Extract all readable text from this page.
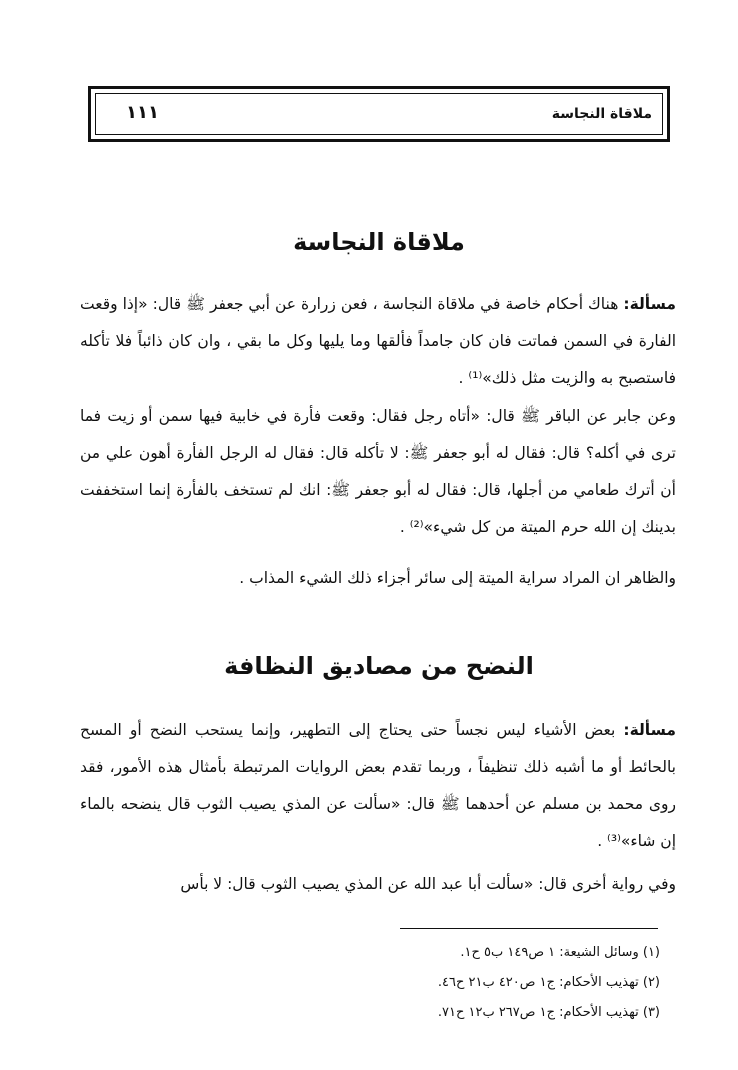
ملاقاة النجاسة
١١١
ملاقاة النجاسة

مسألة: هناك أحكام خاصة في ملاقاة النجاسة ، فعن زرارة عن أبي جعفر ﷺ قال: «إذا وقعت الفارة في السمن فماتت فان كان جامداً فألقها وما يليها وكل ما بقي ، وان كان ذائباً فلا تأكله فاستصبح به والزيت مثل ذلك»⁽¹⁾ .

وعن جابر عن الباقر ﷺ قال: «أتاه رجل فقال: وقعت فأرة في خابية فيها سمن أو زيت فما ترى في أكله؟ قال: فقال له أبو جعفر ﷺ: لا تأكله قال: فقال له الرجل الفأرة أهون علي من أن أترك طعامي من أجلها، قال: فقال له أبو جعفر ﷺ: انك لم تستخف بالفأرة إنما استخففت بدينك إن الله حرم الميتة من كل شيء»⁽²⁾ .

والظاهر ان المراد سراية الميتة إلى سائر أجزاء ذلك الشيء المذاب .

النضح من مصاديق النظافة

مسألة: بعض الأشياء ليس نجساً حتى يحتاج إلى التطهير، وإنما يستحب النضح أو المسح بالحائط أو ما أشبه ذلك تنظيفاً ، وربما تقدم بعض الروايات المرتبطة بأمثال هذه الأمور، فقد روى محمد بن مسلم عن أحدهما ﷺ قال: «سألت عن المذي يصيب الثوب قال ينضحه بالماء إن شاء»⁽³⁾ .

وفي رواية أخرى قال: «سألت أبا عبد الله عن المذي يصيب الثوب قال: لا بأس

(١) وسائل الشيعة: ١ ص١٤٩ ب٥ ح١.
(٢) تهذيب الأحكام: ج١ ص٤٢٠ ب٢١ ح٤٦.
(٣) تهذيب الأحكام: ج١ ص٢٦٧ ب١٢ ح٧١.
